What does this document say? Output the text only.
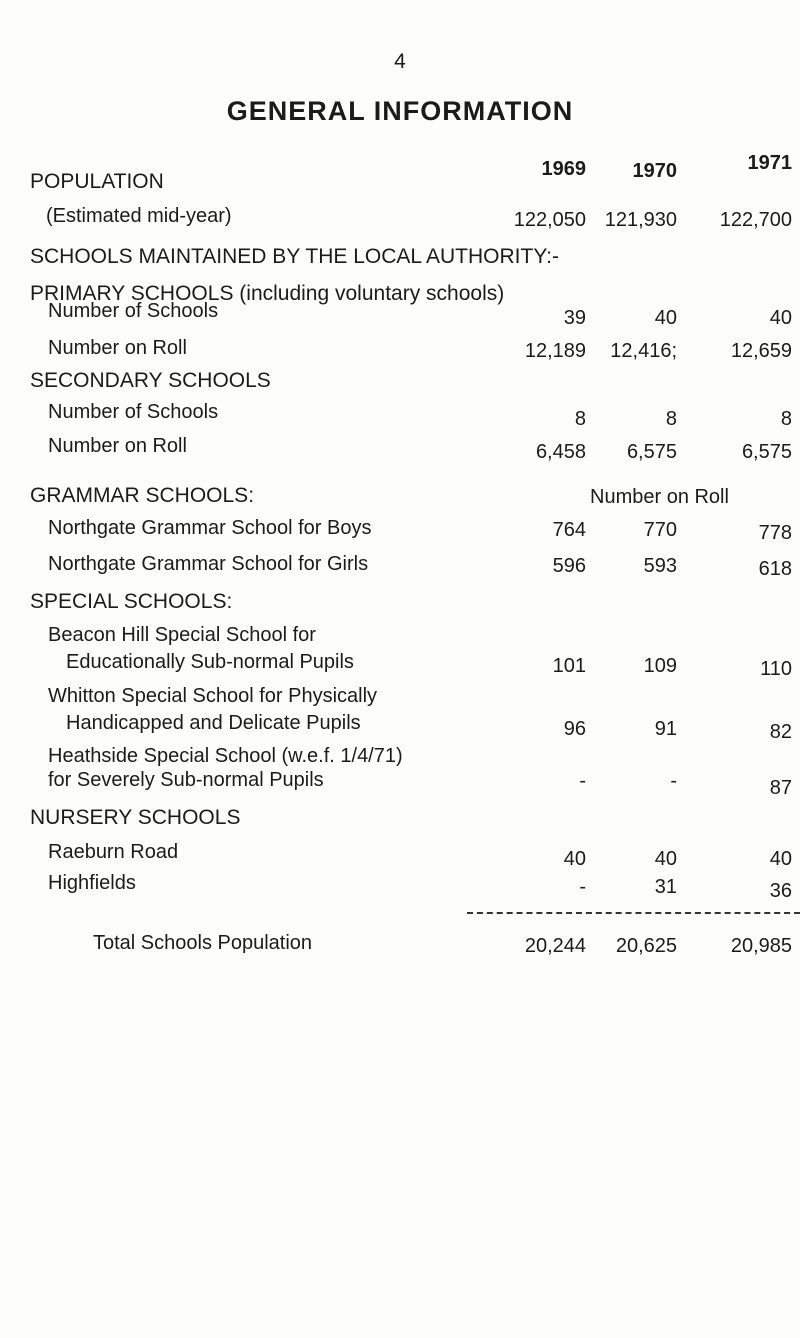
4
GENERAL INFORMATION
1969 1970	1971
POPULATION
(Estimated mid-year)	122,050 121,930 122,700
SCHOOLS MAINTAINED BY THE LOCAL AUTHORITY:-
PRIMARY SCHOOLS (including voluntary schools)
Number of Schools	39	40	40
Number on Roll	12,189 12,416;	12,659
SECONDARY SCHOOLS
Number of Schools	8	8	8
Number on Roll	6,458 6,575	6,575
GRAMMAR SCHOOLS:	Number on Roll
Northgate Grammar School for Boys	764	770	778
Northgate Grammar School for Girls	596	593	618
SPECIAL SCHOOLS:
Beacon Hill Special School for
Educationally Sub-normal Pupils	101	109	110
Whitton Special School for Physically
Handicapped and Delicate Pupils	96	91	82
Heathside Special School (w.e.f. 1/4/71)
for Severely Sub-normal Pupils	-	-	87
NURSERY SCHOOLS
Raeburn Road	40	40	40
Highfields	-	31	36
Total Schools Population	20,244 20,625	20,985
